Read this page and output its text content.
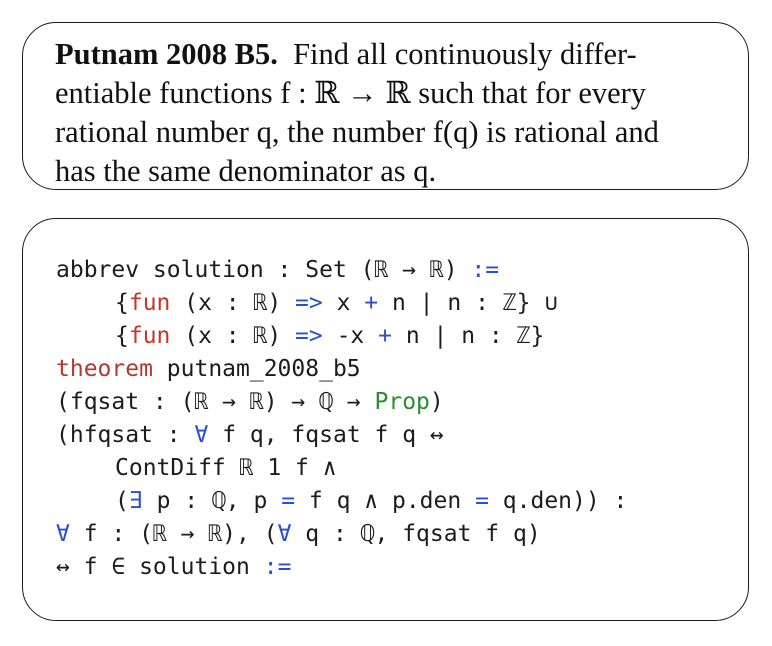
Putnam 2008 B5. Find all continuously differ-
entiable functions f : ℝ → ℝ such that for every
rational number q, the number f(q) is rational and
has the same denominator as q.
abbrev solution : Set (ℝ → ℝ) :=
{fun (x : ℝ) => x + n | n : ℤ} ∪
{fun (x : ℝ) => -x + n | n : ℤ}
theorem putnam_2008_b5
(fqsat : (ℝ → ℝ) → ℚ → Prop)
(hfqsat : ∀ f q, fqsat f q ↔
ContDiff ℝ 1 f ∧
(∃ p : ℚ, p = f q ∧ p.den = q.den)) :
∀ f : (ℝ → ℝ), (∀ q : ℚ, fqsat f q)
↔ f ∈ solution :=
